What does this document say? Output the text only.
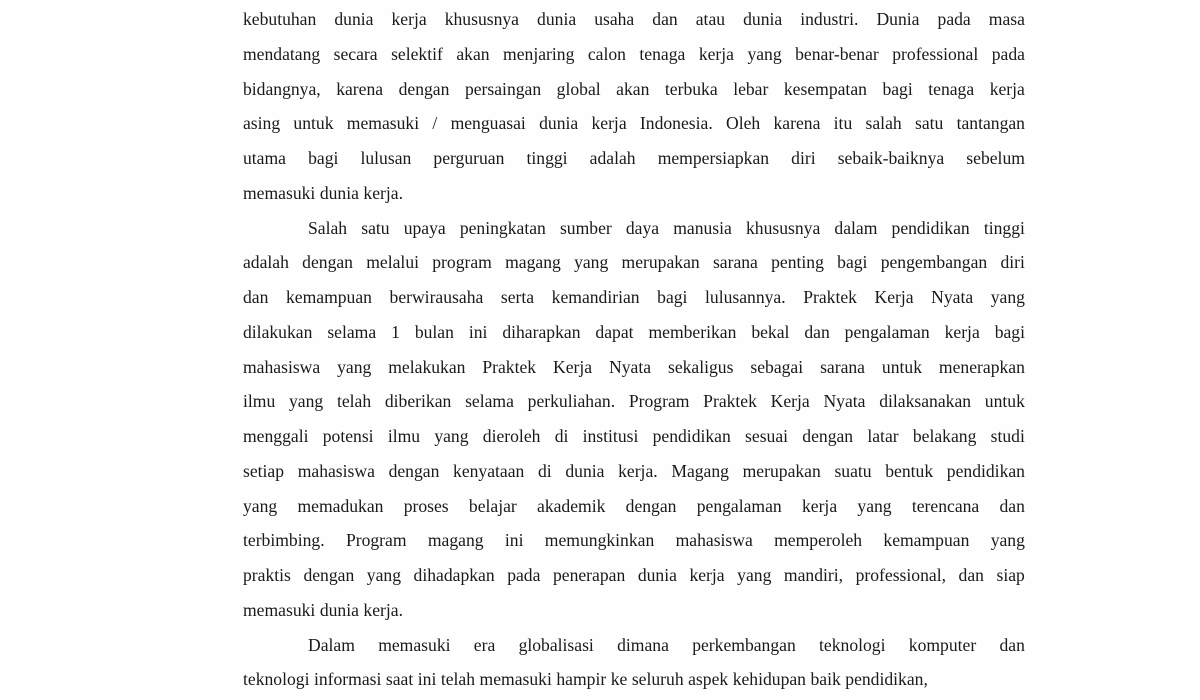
kebutuhan dunia kerja khususnya dunia usaha dan atau dunia industri. Dunia pada masa
mendatang secara selektif akan menjaring calon tenaga kerja yang benar-benar professional pada
bidangnya, karena dengan persaingan global akan terbuka lebar kesempatan bagi tenaga kerja
asing untuk memasuki / menguasai dunia kerja Indonesia. Oleh karena itu salah satu tantangan
utama bagi lulusan perguruan tinggi adalah mempersiapkan diri sebaik-baiknya sebelum
memasuki dunia kerja.
Salah satu upaya peningkatan sumber daya manusia khususnya dalam pendidikan tinggi
adalah dengan melalui program magang yang merupakan sarana penting bagi pengembangan diri
dan kemampuan berwirausaha serta kemandirian bagi lulusannya. Praktek Kerja Nyata yang
dilakukan selama 1 bulan ini diharapkan dapat memberikan bekal dan pengalaman kerja bagi
mahasiswa yang melakukan Praktek Kerja Nyata sekaligus sebagai sarana untuk menerapkan
ilmu yang telah diberikan selama perkuliahan. Program Praktek Kerja Nyata dilaksanakan untuk
menggali potensi ilmu yang dieroleh di institusi pendidikan sesuai dengan latar belakang studi
setiap mahasiswa dengan kenyataan di dunia kerja. Magang merupakan suatu bentuk pendidikan
yang memadukan proses belajar akademik dengan pengalaman kerja yang terencana dan
terbimbing. Program magang ini memungkinkan mahasiswa memperoleh kemampuan yang
praktis dengan yang dihadapkan pada penerapan dunia kerja yang mandiri, professional, dan siap
memasuki dunia kerja.
Dalam memasuki era globalisasi dimana perkembangan teknologi komputer dan
teknologi informasi saat ini telah memasuki hampir ke seluruh aspek kehidupan baik pendidikan,
